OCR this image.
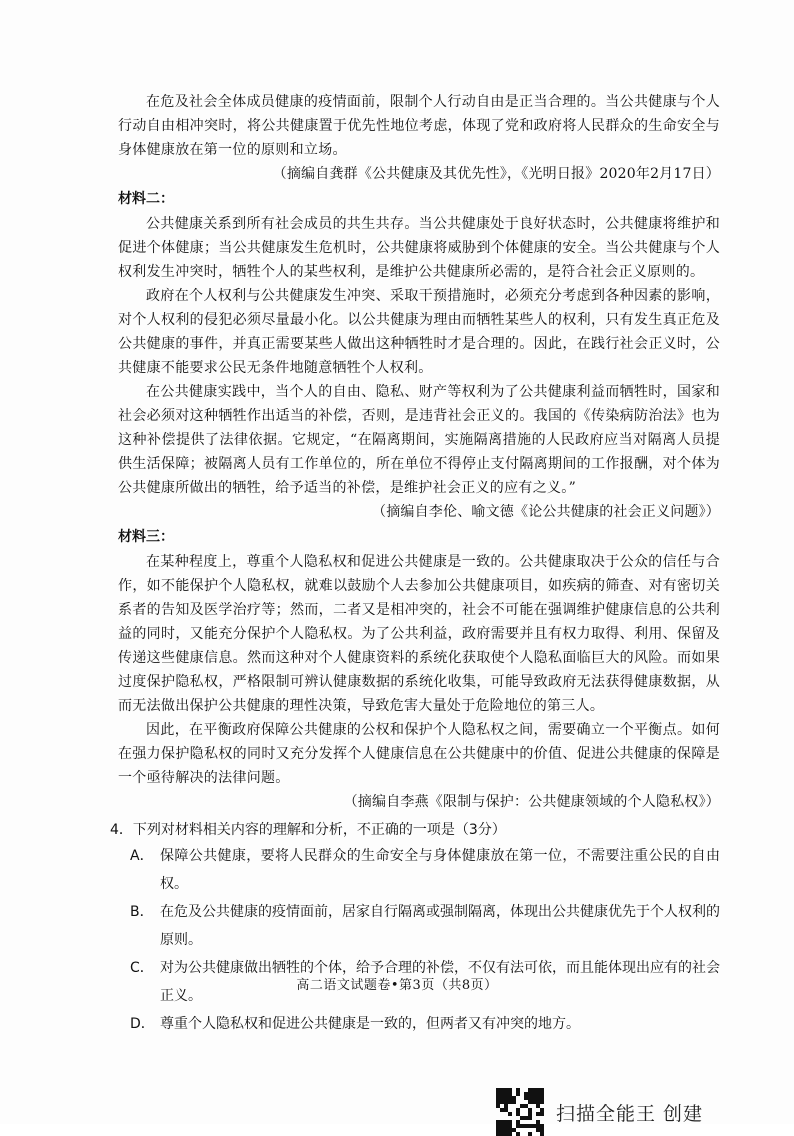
在危及社会全体成员健康的疫情面前，限制个人行动自由是正当合理的。当公共健康与个人行动自由相冲突时，将公共健康置于优先性地位考虑，体现了党和政府将人民群众的生命安全与身体健康放在第一位的原则和立场。

（摘编自龚群《公共健康及其优先性》，《光明日报》2020年2月17日）

材料二：

公共健康关系到所有社会成员的共生共存。当公共健康处于良好状态时，公共健康将维护和促进个体健康；当公共健康发生危机时，公共健康将威胁到个体健康的安全。当公共健康与个人权利发生冲突时，牺牲个人的某些权利，是维护公共健康所必需的，是符合社会正义原则的。

政府在个人权利与公共健康发生冲突、采取干预措施时，必须充分考虑到各种因素的影响，对个人权利的侵犯必须尽量最小化。以公共健康为理由而牺牲某些人的权利，只有发生真正危及公共健康的事件，并真正需要某些人做出这种牺牲时才是合理的。因此，在践行社会正义时，公共健康不能要求公民无条件地随意牺牲个人权利。

在公共健康实践中，当个人的自由、隐私、财产等权利为了公共健康利益而牺牲时，国家和社会必须对这种牺牲作出适当的补偿，否则，是违背社会正义的。我国的《传染病防治法》也为这种补偿提供了法律依据。它规定，“在隔离期间，实施隔离措施的人民政府应当对隔离人员提供生活保障；被隔离人员有工作单位的，所在单位不得停止支付隔离期间的工作报酬，对个体为公共健康所做出的牺牲，给予适当的补偿，是维护社会正义的应有之义。”

（摘编自李伦、喻文德《论公共健康的社会正义问题》）

材料三：

在某种程度上，尊重个人隐私权和促进公共健康是一致的。公共健康取决于公众的信任与合作，如不能保护个人隐私权，就难以鼓励个人去参加公共健康项目，如疾病的筛查、对有密切关系者的告知及医学治疗等；然而，二者又是相冲突的，社会不可能在强调维护健康信息的公共利益的同时，又能充分保护个人隐私权。为了公共利益，政府需要并且有权力取得、利用、保留及传递这些健康信息。然而这种对个人健康资料的系统化获取使个人隐私面临巨大的风险。而如果过度保护隐私权，严格限制可辨认健康数据的系统化收集，可能导致政府无法获得健康数据，从而无法做出保护公共健康的理性决策，导致危害大量处于危险地位的第三人。

因此，在平衡政府保障公共健康的公权和保护个人隐私权之间，需要确立一个平衡点。如何在强力保护隐私权的同时又充分发挥个人健康信息在公共健康中的价值、促进公共健康的保障是一个亟待解决的法律问题。

（摘编自李燕《限制与保护：公共健康领域的个人隐私权》）

4．下列对材料相关内容的理解和分析，不正确的一项是（3分）

A． 保障公共健康，要将人民群众的生命安全与身体健康放在第一位，不需要注重公民的自由权。
B． 在危及公共健康的疫情面前，居家自行隔离或强制隔离，体现出公共健康优先于个人权利的原则。
C． 对为公共健康做出牺牲的个体，给予合理的补偿，不仅有法可依，而且能体现出应有的社会正义。
D． 尊重个人隐私权和促进公共健康是一致的，但两者又有冲突的地方。
高二语文试题卷•第3页（共8页）
扫描全能王 创建
